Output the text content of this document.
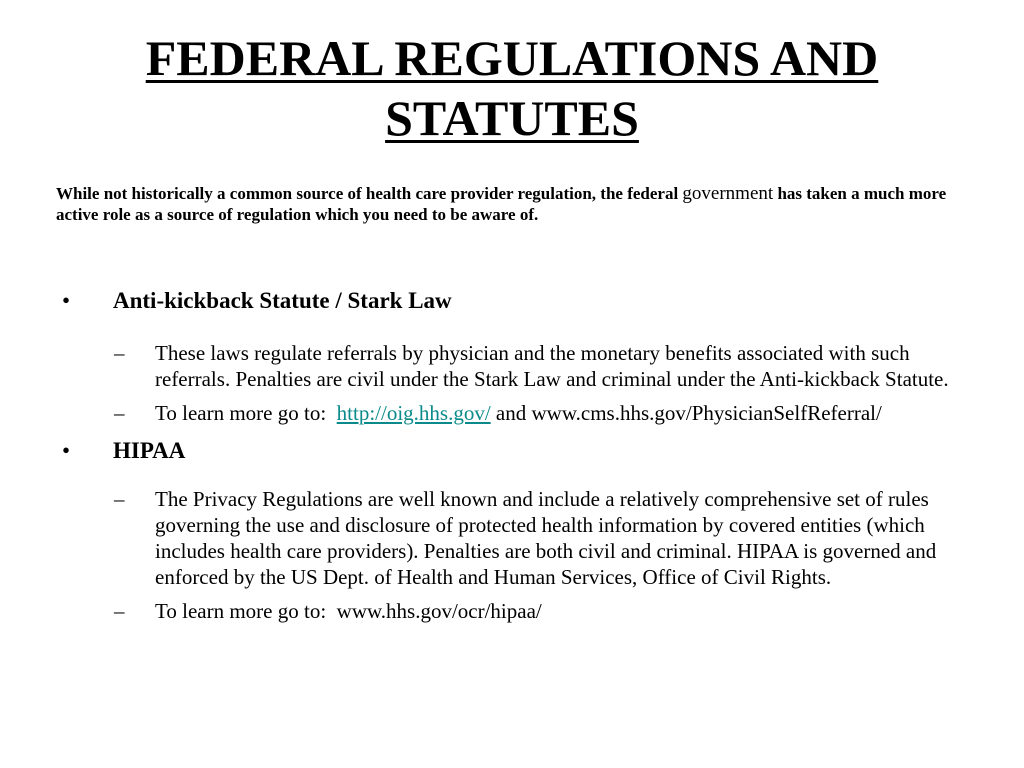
FEDERAL REGULATIONS AND
STATUTES

While not historically a common source of health care provider regulation, the federal government has taken a much more active role as a source of regulation which you need to be aware of.

• Anti-kickback Statute / Stark Law
– These laws regulate referrals by physician and the monetary benefits associated with such referrals. Penalties are civil under the Stark Law and criminal under the Anti-kickback Statute.
– To learn more go to:  http://oig.hhs.gov/ and www.cms.hhs.gov/PhysicianSelfReferral/
• HIPAA
– The Privacy Regulations are well known and include a relatively comprehensive set of rules governing the use and disclosure of protected health information by covered entities (which includes health care providers). Penalties are both civil and criminal. HIPAA is governed and enforced by the US Dept. of Health and Human Services, Office of Civil Rights.
– To learn more go to:  www.hhs.gov/ocr/hipaa/
